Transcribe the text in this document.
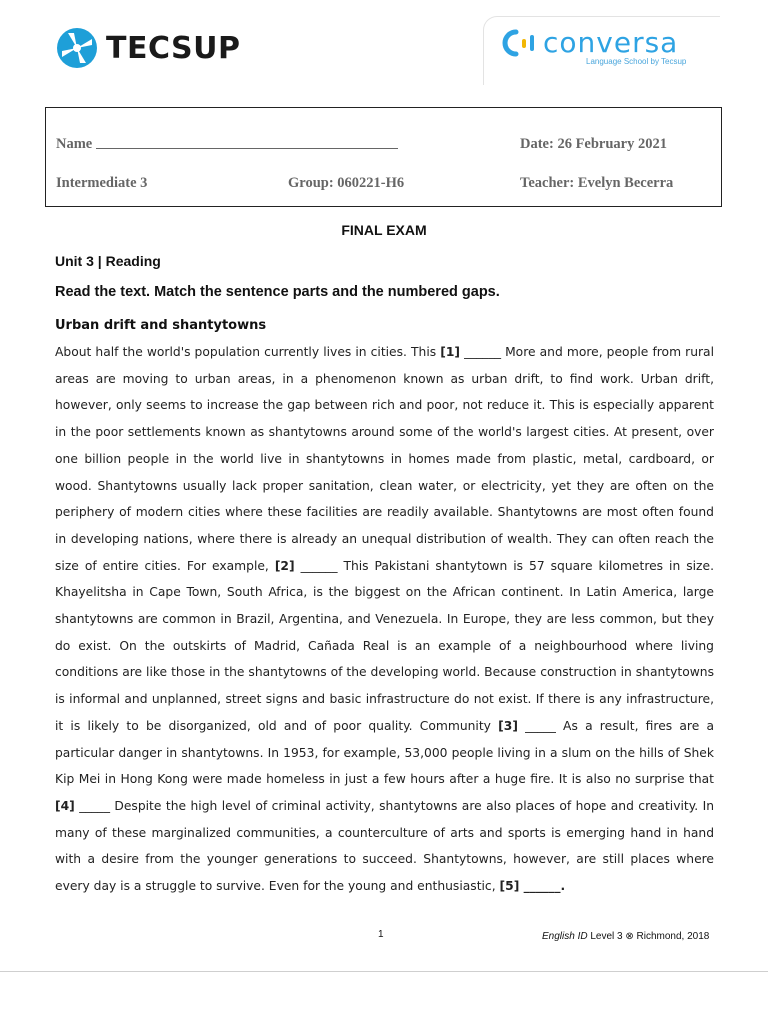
TECSUP	conversa
Language School by Tecsup
Name	Date: 26 February 2021
Intermediate 3	Group: 060221-H6	Teacher: Evelyn Becerra
FINAL EXAM
Unit 3 | Reading
Read the text. Match the sentence parts and the numbered gaps.
Urban drift and shantytowns
About half the world's population currently lives in cities. This [1] ______ More and more, people from rural areas are moving to urban areas, in a phenomenon known as urban drift, to find work. Urban drift, however, only seems to increase the gap between rich and poor, not reduce it. This is especially apparent in the poor settlements known as shantytowns around some of the world's largest cities. At present, over one billion people in the world live in shantytowns in homes made from plastic, metal, cardboard, or wood. Shantytowns usually lack proper sanitation, clean water, or electricity, yet they are often on the periphery of modern cities where these facilities are readily available. Shantytowns are most often found in developing nations, where there is already an unequal distribution of wealth. They can often reach the size of entire cities. For example, [2] ______ This Pakistani shantytown is 57 square kilometres in size. Khayelitsha in Cape Town, South Africa, is the biggest on the African continent. In Latin America, large shantytowns are common in Brazil, Argentina, and Venezuela. In Europe, they are less common, but they do exist. On the outskirts of Madrid, Cañada Real is an example of a neighbourhood where living conditions are like those in the shantytowns of the developing world. Because construction in shantytowns is informal and unplanned, street signs and basic infrastructure do not exist. If there is any infrastructure, it is likely to be disorganized, old and of poor quality. Community [3] _____ As a result, fires are a particular danger in shantytowns. In 1953, for example, 53,000 people living in a slum on the hills of Shek Kip Mei in Hong Kong were made homeless in just a few hours after a huge fire. It is also no surprise that [4] _____ Despite the high level of criminal activity, shantytowns are also places of hope and creativity. In many of these marginalized communities, a counterculture of arts and sports is emerging hand in hand with a desire from the younger generations to succeed. Shantytowns, however, are still places where every day is a struggle to survive. Even for the young and enthusiastic, [5] ______.
1	English ID Level 3 ⊗ Richmond, 2018
